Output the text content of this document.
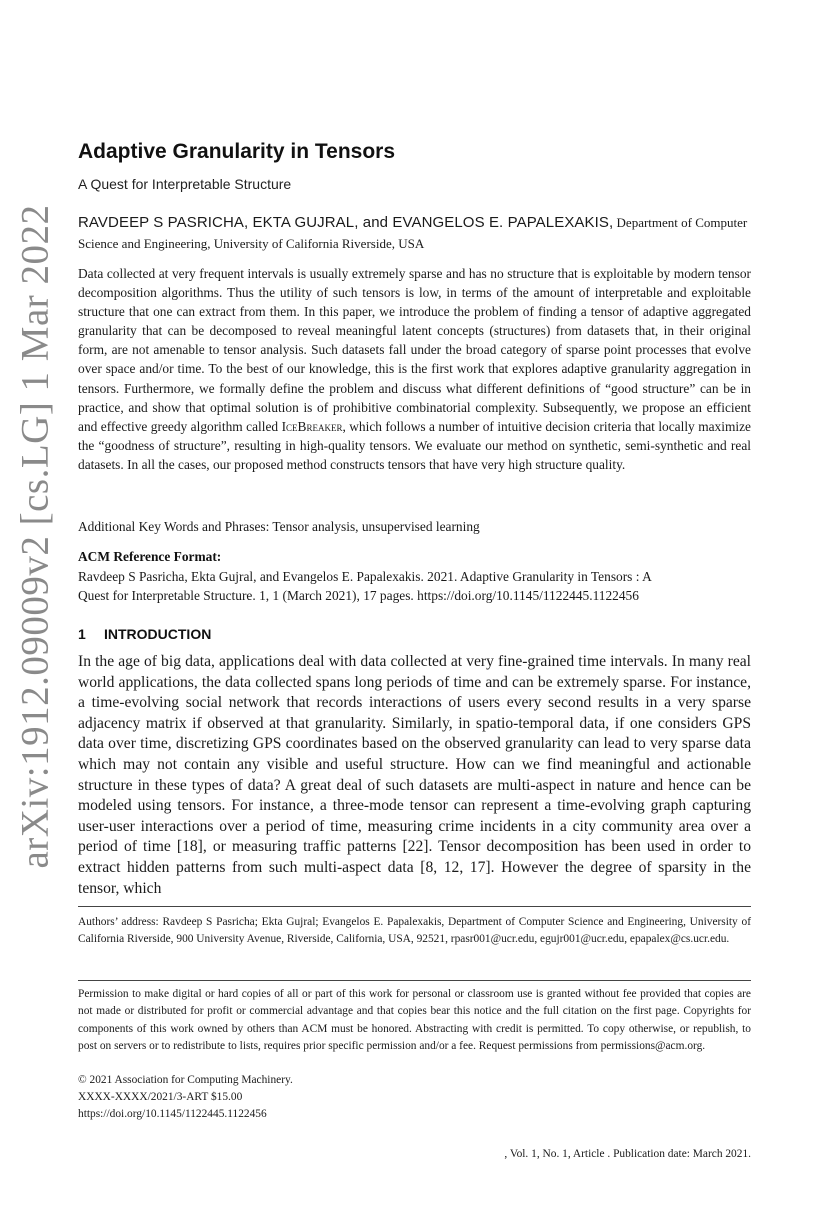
arXiv:1912.09009v2 [cs.LG] 1 Mar 2022
Adaptive Granularity in Tensors
A Quest for Interpretable Structure
RAVDEEP S PASRICHA, EKTA GUJRAL, and EVANGELOS E. PAPALEXAKIS, Department of Computer Science and Engineering, University of California Riverside, USA
Data collected at very frequent intervals is usually extremely sparse and has no structure that is exploitable by modern tensor decomposition algorithms. Thus the utility of such tensors is low, in terms of the amount of interpretable and exploitable structure that one can extract from them. In this paper, we introduce the problem of finding a tensor of adaptive aggregated granularity that can be decomposed to reveal meaningful latent concepts (structures) from datasets that, in their original form, are not amenable to tensor analysis. Such datasets fall under the broad category of sparse point processes that evolve over space and/or time. To the best of our knowledge, this is the first work that explores adaptive granularity aggregation in tensors. Furthermore, we formally define the problem and discuss what different definitions of “good structure” can be in practice, and show that optimal solution is of prohibitive combinatorial complexity. Subsequently, we propose an efficient and effective greedy algorithm called IceBreaker, which follows a number of intuitive decision criteria that locally maximize the “goodness of structure”, resulting in high-quality tensors. We evaluate our method on synthetic, semi-synthetic and real datasets. In all the cases, our proposed method constructs tensors that have very high structure quality.
Additional Key Words and Phrases: Tensor analysis, unsupervised learning
ACM Reference Format:
Ravdeep S Pasricha, Ekta Gujral, and Evangelos E. Papalexakis. 2021. Adaptive Granularity in Tensors : A
Quest for Interpretable Structure. 1, 1 (March 2021), 17 pages. https://doi.org/10.1145/1122445.1122456
1 INTRODUCTION
In the age of big data, applications deal with data collected at very fine-grained time intervals. In many real world applications, the data collected spans long periods of time and can be extremely sparse. For instance, a time-evolving social network that records interactions of users every second results in a very sparse adjacency matrix if observed at that granularity. Similarly, in spatio-temporal data, if one considers GPS data over time, discretizing GPS coordinates based on the observed granularity can lead to very sparse data which may not contain any visible and useful structure. How can we find meaningful and actionable structure in these types of data? A great deal of such datasets are multi-aspect in nature and hence can be modeled using tensors. For instance, a three-mode tensor can represent a time-evolving graph capturing user-user interactions over a period of time, measuring crime incidents in a city community area over a period of time [18], or measuring traffic patterns [22]. Tensor decomposition has been used in order to extract hidden patterns from such multi-aspect data [8, 12, 17]. However the degree of sparsity in the tensor, which
Authors’ address: Ravdeep S Pasricha; Ekta Gujral; Evangelos E. Papalexakis, Department of Computer Science and Engineering, University of California Riverside, 900 University Avenue, Riverside, California, USA, 92521, rpasr001@ucr.edu, egujr001@ucr.edu, epapalex@cs.ucr.edu.
Permission to make digital or hard copies of all or part of this work for personal or classroom use is granted without fee provided that copies are not made or distributed for profit or commercial advantage and that copies bear this notice and the full citation on the first page. Copyrights for components of this work owned by others than ACM must be honored. Abstracting with credit is permitted. To copy otherwise, or republish, to post on servers or to redistribute to lists, requires prior specific permission and/or a fee. Request permissions from permissions@acm.org.
© 2021 Association for Computing Machinery.
XXXX-XXXX/2021/3-ART $15.00
https://doi.org/10.1145/1122445.1122456
, Vol. 1, No. 1, Article . Publication date: March 2021.
